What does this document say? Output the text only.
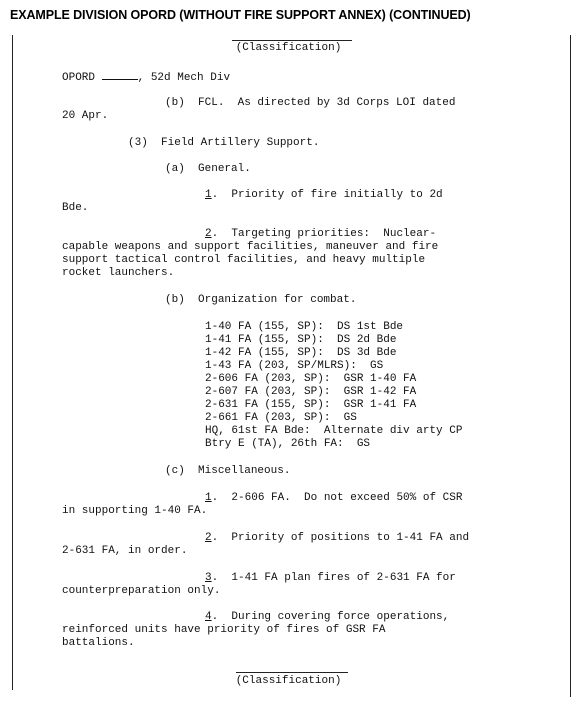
EXAMPLE DIVISION OPORD (WITHOUT FIRE SUPPORT ANNEX) (CONTINUED)
(Classification)
OPORD	, 52d Mech Div
(b) FCL.  As directed by 3d Corps LOI dated
20 Apr.
(3) Field Artillery Support.
(a) General.
1.  Priority of fire initially to 2d
Bde.
2.  Targeting priorities:  Nuclear-
capable weapons and support facilities, maneuver and fire
support tactical control facilities, and heavy multiple
rocket launchers.
(b) Organization for combat.
1-40 FA (155, SP):  DS 1st Bde
1-41 FA (155, SP):  DS 2d Bde
1-42 FA (155, SP):  DS 3d Bde
1-43 FA (203, SP/MLRS):  GS
2-606 FA (203, SP):  GSR 1-40 FA
2-607 FA (203, SP):  GSR 1-42 FA
2-631 FA (155, SP):  GSR 1-41 FA
2-661 FA (203, SP):  GS
HQ, 61st FA Bde:  Alternate div arty CP
Btry E (TA), 26th FA:  GS
(c) Miscellaneous.
1.  2-606 FA.  Do not exceed 50% of CSR
in supporting 1-40 FA.
2.  Priority of positions to 1-41 FA and
2-631 FA, in order.
3.  1-41 FA plan fires of 2-631 FA for
counterpreparation only.
4.  During covering force operations,
reinforced units have priority of fires of GSR FA
battalions.
(Classification)
